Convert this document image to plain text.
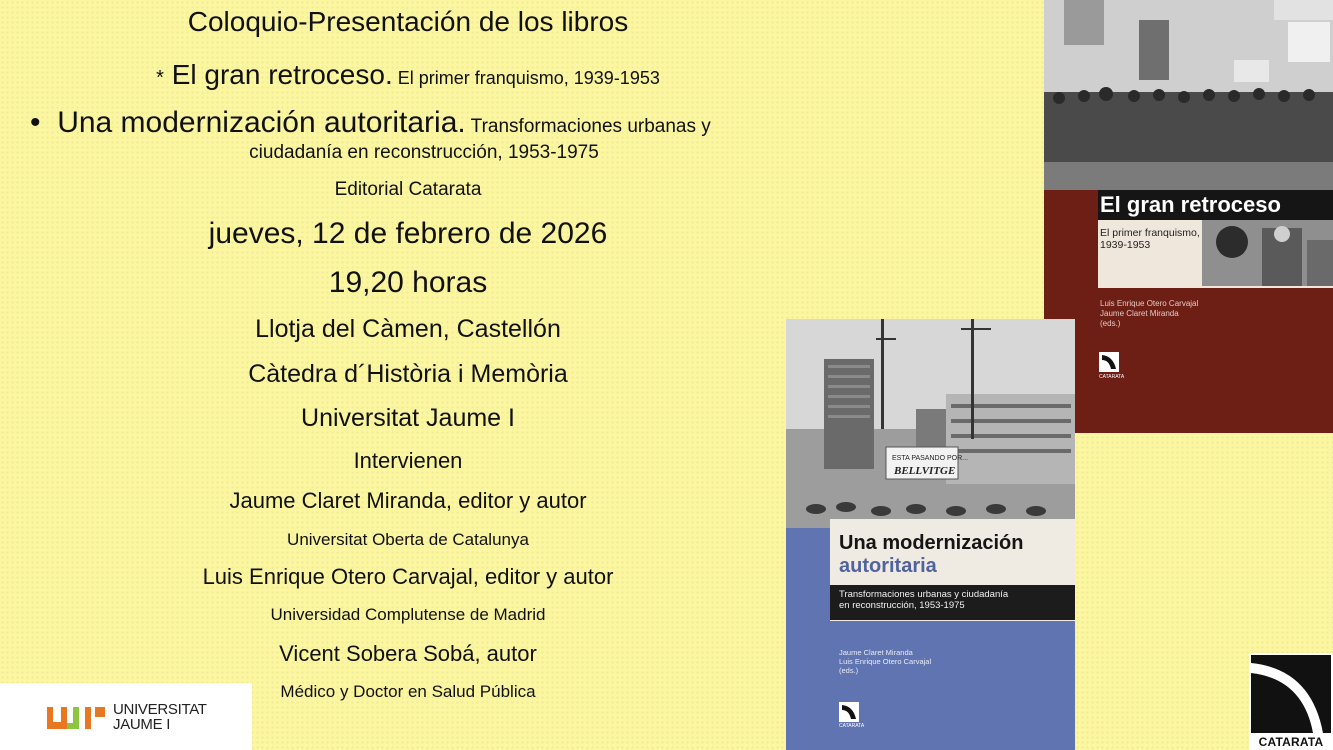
Coloquio-Presentación de los libros
* El gran retroceso. El primer franquismo, 1939-1953
• Una modernización autoritaria. Transformaciones urbanas y
ciudadanía en reconstrucción, 1953-1975
Editorial Catarata
jueves, 12 de febrero de 2026
19,20 horas
Llotja del Càmen, Castellón
Càtedra d´Història i Memòria
Universitat Jaume I
Intervienen
Jaume Claret Miranda, editor y autor
Universitat Oberta de Catalunya
Luis Enrique Otero Carvajal, editor y autor
Universidad Complutense de Madrid
Vicent Sobera Sobá, autor
Médico y Doctor en Salud Pública
UNIVERSITAT
JAUME I
El gran retroceso
El primer franquismo,
1939-1953
Luis Enrique Otero Carvajal
Jaume Claret Miranda
(eds.)
CATARATA
ESTA PASANDO POR...
BELLVITGE
Una modernización
autoritaria
Transformaciones urbanas y ciudadanía
en reconstrucción, 1953-1975
Jaume Claret Miranda
Luis Enrique Otero Carvajal
(eds.)
CATARATA
CATARATA
